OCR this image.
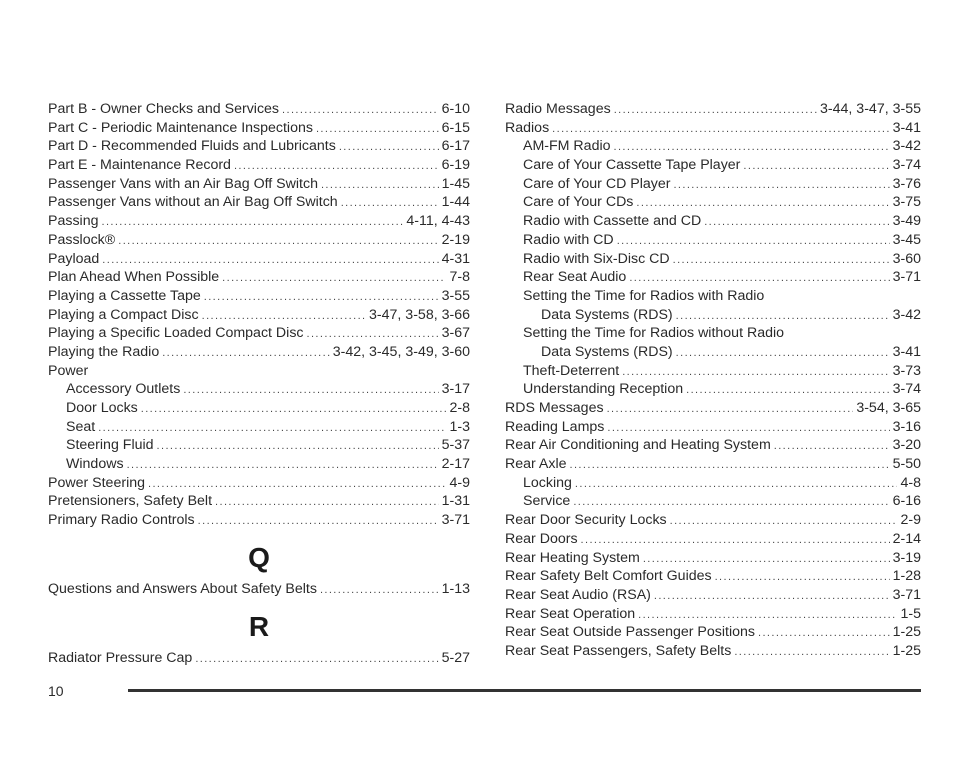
Part B - Owner Checks and Services .....	6-10
Part C - Periodic Maintenance Inspections .....	6-15
Part D - Recommended Fluids and Lubricants .....	6-17
Part E - Maintenance Record .....	6-19
Passenger Vans with an Air Bag Off Switch .....	1-45
Passenger Vans without an Air Bag Off Switch .....	1-44
Passing .....	4-11, 4-43
Passlock® .....	2-19
Payload .....	4-31
Plan Ahead When Possible .....	7-8
Playing a Cassette Tape .....	3-55
Playing a Compact Disc .....	3-47, 3-58, 3-66
Playing a Specific Loaded Compact Disc .....	3-67
Playing the Radio .....	3-42, 3-45, 3-49, 3-60
Power
Accessory Outlets .....	3-17
Door Locks .....	2-8
Seat .....	1-3
Steering Fluid .....	5-37
Windows .....	2-17
Power Steering .....	4-9
Pretensioners, Safety Belt .....	1-31
Primary Radio Controls .....	3-71
Q
Questions and Answers About Safety Belts .....	1-13
R
Radiator Pressure Cap .....	5-27
Radio Messages .....	3-44, 3-47, 3-55
Radios .....	3-41
AM-FM Radio .....	3-42
Care of Your Cassette Tape Player .....	3-74
Care of Your CD Player .....	3-76
Care of Your CDs .....	3-75
Radio with Cassette and CD .....	3-49
Radio with CD .....	3-45
Radio with Six-Disc CD .....	3-60
Rear Seat Audio .....	3-71
Setting the Time for Radios with Radio
Data Systems (RDS) .....	3-42
Setting the Time for Radios without Radio
Data Systems (RDS) .....	3-41
Theft-Deterrent .....	3-73
Understanding Reception .....	3-74
RDS Messages .....	3-54, 3-65
Reading Lamps .....	3-16
Rear Air Conditioning and Heating System .....	3-20
Rear Axle .....	5-50
Locking .....	4-8
Service .....	6-16
Rear Door Security Locks .....	2-9
Rear Doors .....	2-14
Rear Heating System .....	3-19
Rear Safety Belt Comfort Guides .....	1-28
Rear Seat Audio (RSA) .....	3-71
Rear Seat Operation .....	1-5
Rear Seat Outside Passenger Positions .....	1-25
Rear Seat Passengers, Safety Belts .....	1-25
10
